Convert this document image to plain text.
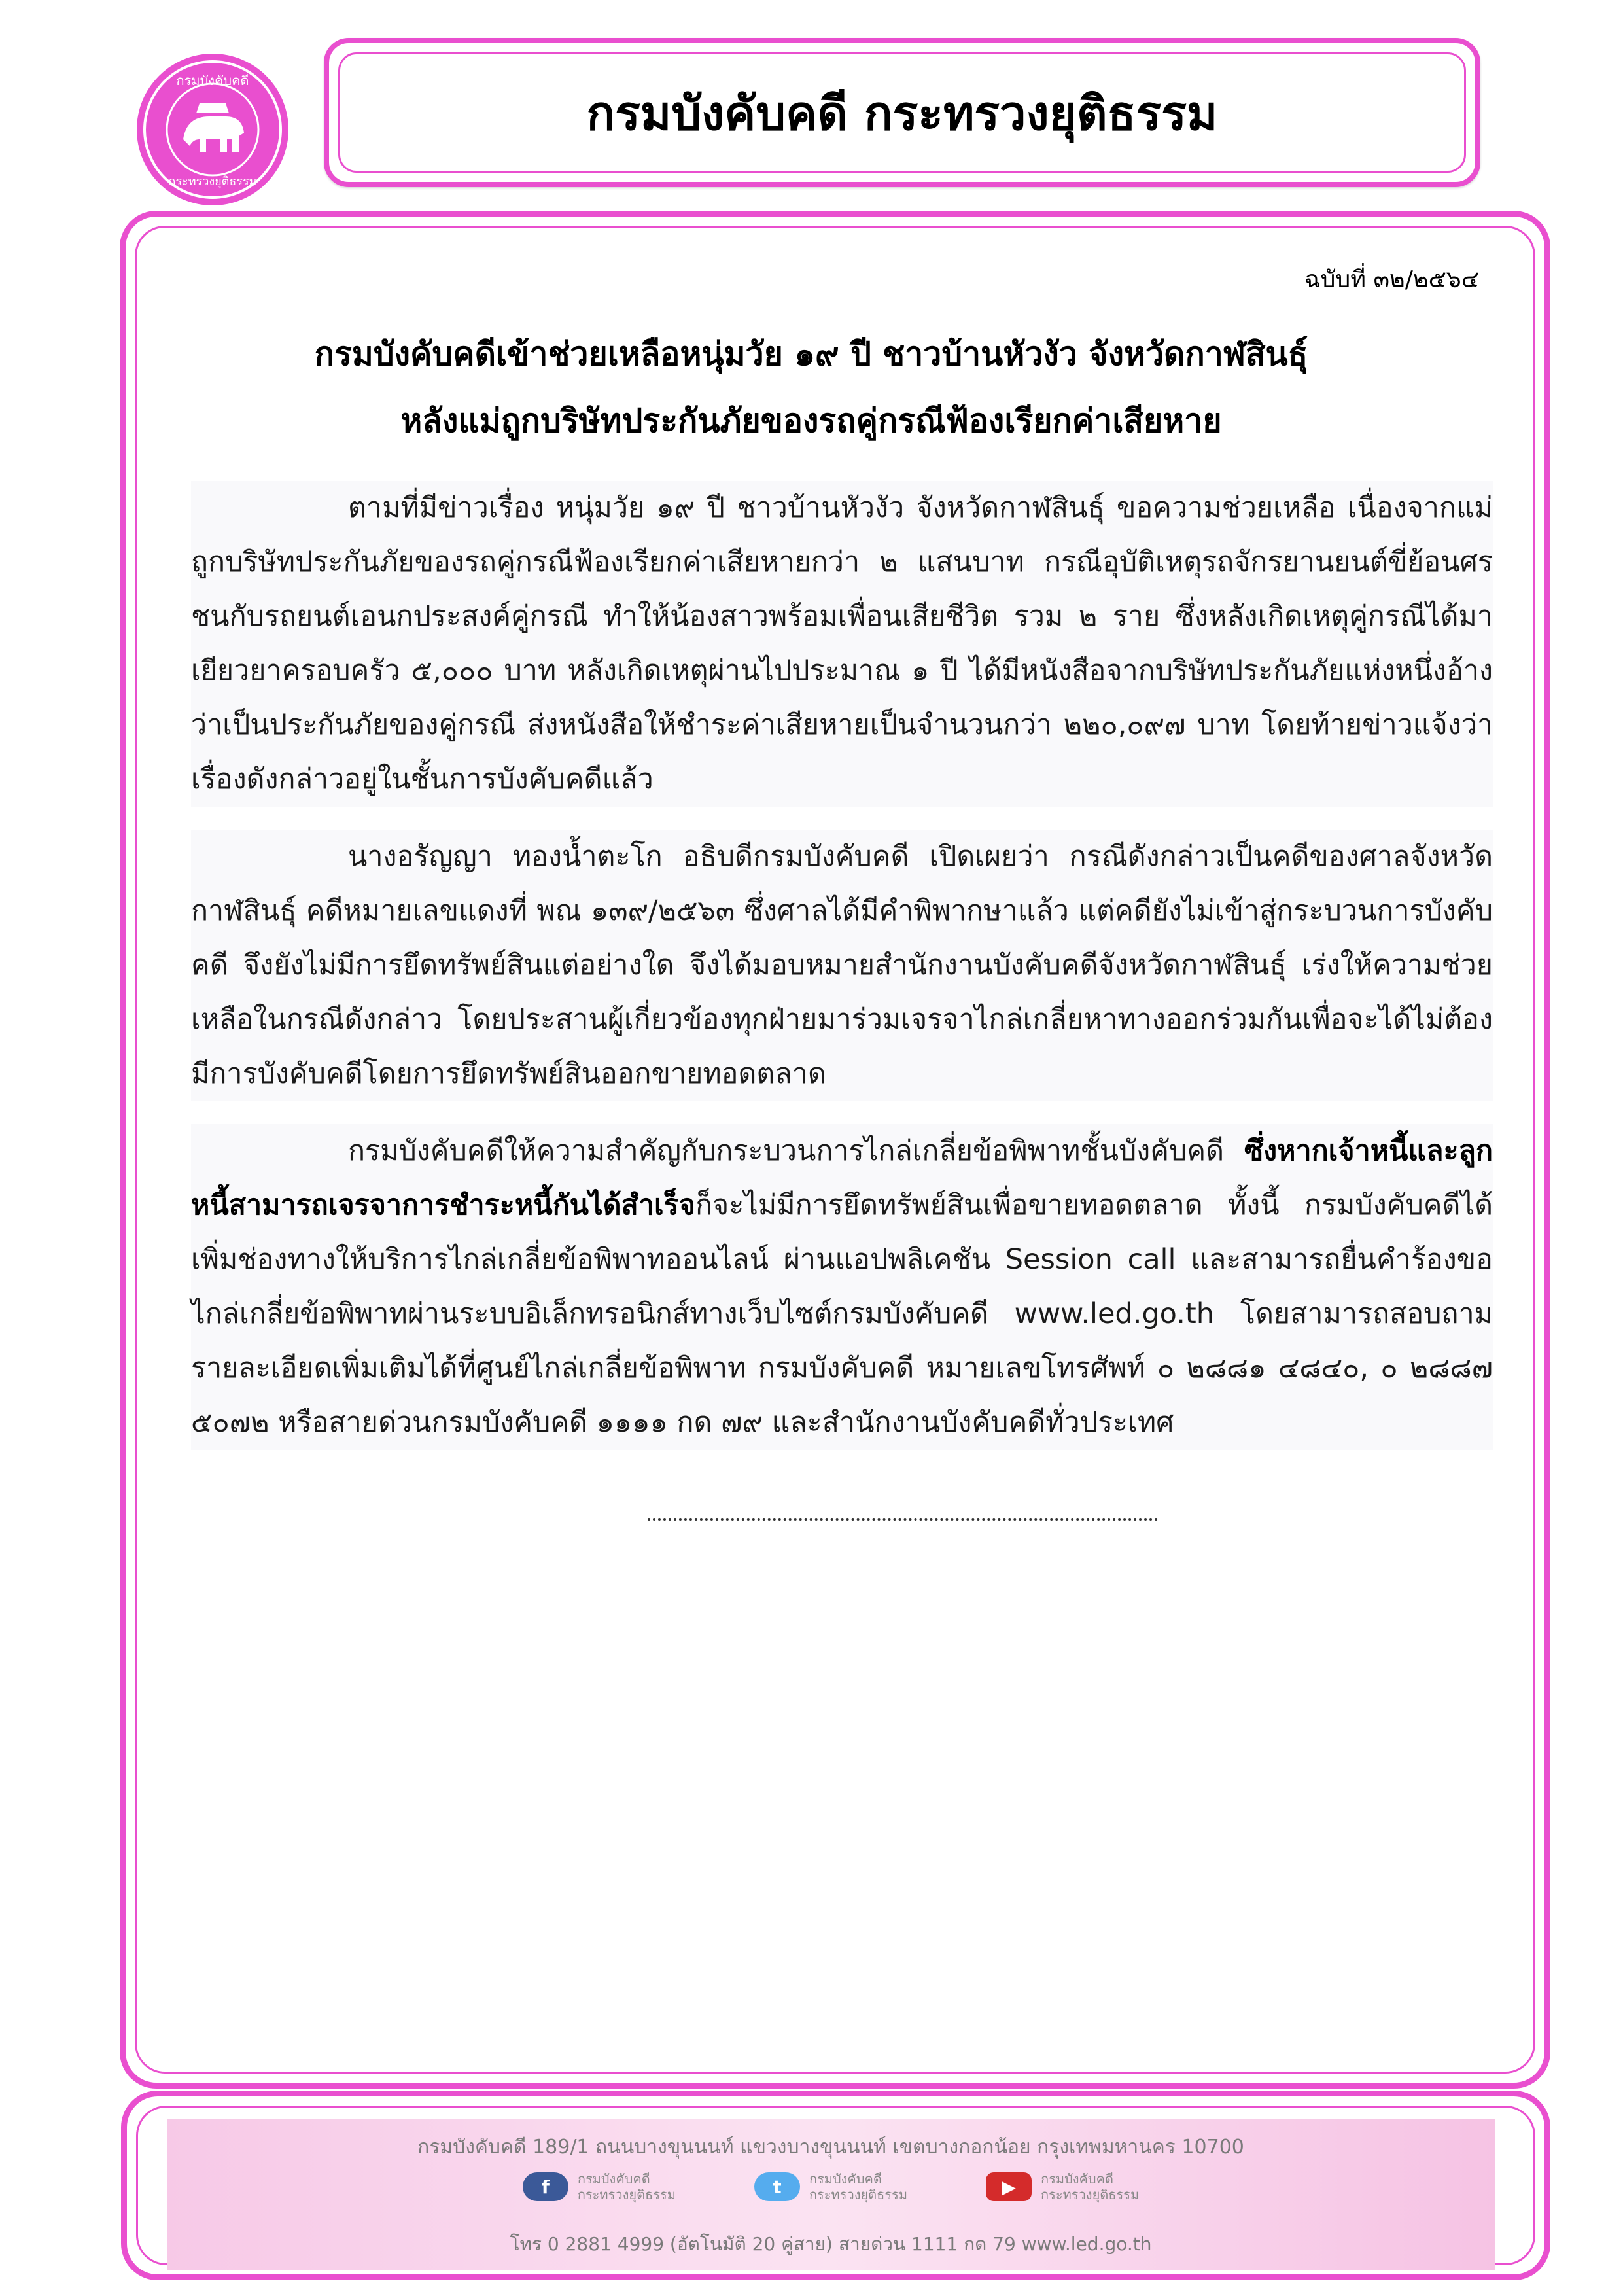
กรมบังคับคดี
กระทรวงยุติธรรม
กรมบังคับคดี กระทรวงยุติธรรม
ฉบับที่ ๓๒/๒๕๖๔
กรมบังคับคดีเข้าช่วยเหลือหนุ่มวัย ๑๙ ปี ชาวบ้านหัวงัว จังหวัดกาฬสินธุ์
หลังแม่ถูกบริษัทประกันภัยของรถคู่กรณีฟ้องเรียกค่าเสียหาย

ตามที่มีข่าวเรื่อง หนุ่มวัย ๑๙ ปี ชาวบ้านหัวงัว จังหวัดกาฬสินธุ์ ขอความช่วยเหลือ เนื่องจากแม่ถูกบริษัทประกันภัยของรถคู่กรณีฟ้องเรียกค่าเสียหายกว่า ๒ แสนบาท กรณีอุบัติเหตุรถจักรยานยนต์ขี่ย้อนศรชนกับรถยนต์เอนกประสงค์คู่กรณี ทำให้น้องสาวพร้อมเพื่อนเสียชีวิต รวม ๒ ราย ซึ่งหลังเกิดเหตุคู่กรณีได้มาเยียวยาครอบครัว ๕,๐๐๐ บาท หลังเกิดเหตุผ่านไปประมาณ ๑ ปี ได้มีหนังสือจากบริษัทประกันภัยแห่งหนึ่งอ้างว่าเป็นประกันภัยของคู่กรณี ส่งหนังสือให้ชำระค่าเสียหายเป็นจำนวนกว่า ๒๒๐,๐๙๗ บาท โดยท้ายข่าวแจ้งว่าเรื่องดังกล่าวอยู่ในชั้นการบังคับคดีแล้ว

นางอรัญญา ทองน้ำตะโก อธิบดีกรมบังคับคดี เปิดเผยว่า กรณีดังกล่าวเป็นคดีของศาลจังหวัดกาฬสินธุ์ คดีหมายเลขแดงที่ พณ ๑๓๙/๒๕๖๓ ซึ่งศาลได้มีคำพิพากษาแล้ว แต่คดียังไม่เข้าสู่กระบวนการบังคับคดี จึงยังไม่มีการยึดทรัพย์สินแต่อย่างใด จึงได้มอบหมายสำนักงานบังคับคดีจังหวัดกาฬสินธุ์ เร่งให้ความช่วยเหลือในกรณีดังกล่าว โดยประสานผู้เกี่ยวข้องทุกฝ่ายมาร่วมเจรจาไกล่เกลี่ยหาทางออกร่วมกันเพื่อจะได้ไม่ต้องมีการบังคับคดีโดยการยึดทรัพย์สินออกขายทอดตลาด

กรมบังคับคดีให้ความสำคัญกับกระบวนการไกล่เกลี่ยข้อพิพาทชั้นบังคับคดี ซึ่งหากเจ้าหนี้และลูกหนี้สามารถเจรจาการชำระหนี้กันได้สำเร็จก็จะไม่มีการยึดทรัพย์สินเพื่อขายทอดตลาด ทั้งนี้ กรมบังคับคดีได้เพิ่มช่องทางให้บริการไกล่เกลี่ยข้อพิพาทออนไลน์ ผ่านแอปพลิเคชัน Session call และสามารถยื่นคำร้องขอไกล่เกลี่ยข้อพิพาทผ่านระบบอิเล็กทรอนิกส์ทางเว็บไซต์กรมบังคับคดี www.led.go.th โดยสามารถสอบถามรายละเอียดเพิ่มเติมได้ที่ศูนย์ไกล่เกลี่ยข้อพิพาท กรมบังคับคดี หมายเลขโทรศัพท์ ๐ ๒๘๘๑ ๔๘๔๐, ๐ ๒๘๘๗ ๕๐๗๒ หรือสายด่วนกรมบังคับคดี ๑๑๑๑ กด ๗๙ และสำนักงานบังคับคดีทั่วประเทศ

กรมบังคับคดี 189/1 ถนนบางขุนนนท์ แขวงบางขุนนนท์ เขตบางกอกน้อย กรุงเทพมหานคร 10700
f	กรมบังคับคดี
กระทรวงยุติธรรม	t	กรมบังคับคดี
กระทรวงยุติธรรม	▶	กรมบังคับคดี
กระทรวงยุติธรรม
โทร 0 2881 4999 (อัตโนมัติ 20 คู่สาย) สายด่วน 1111 กด 79 www.led.go.th
